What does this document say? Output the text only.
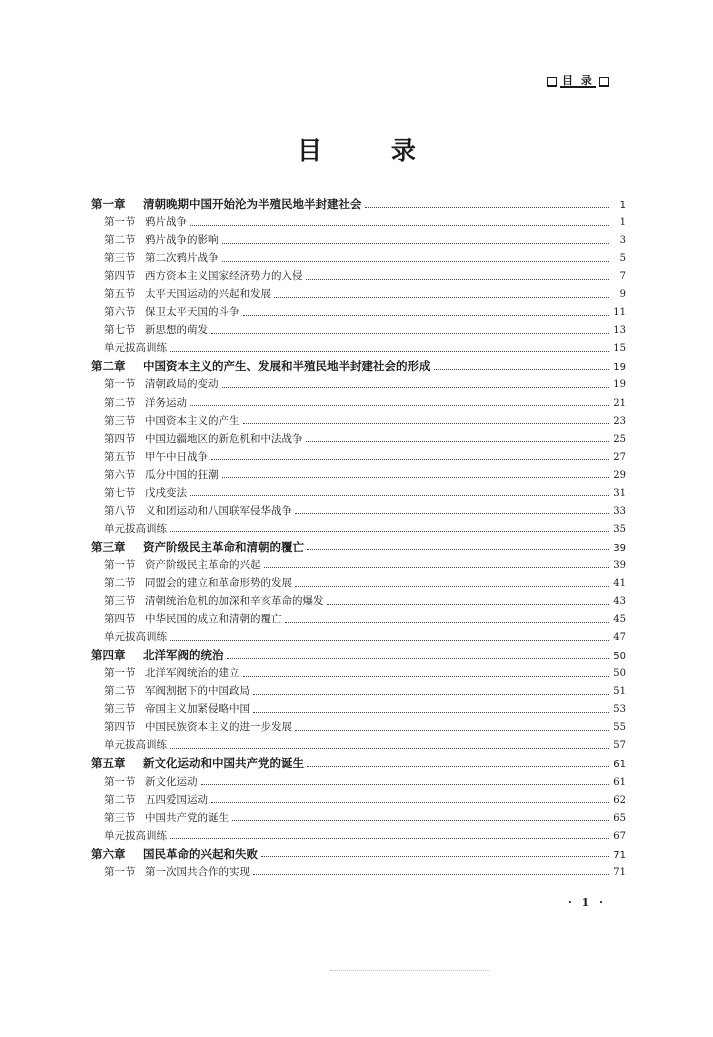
目 录
目 录
第一章	清朝晚期中国开始沦为半殖民地半封建社会	1
第一节 鸦片战争	1
第二节 鸦片战争的影响	3
第三节 第二次鸦片战争	5
第四节 西方资本主义国家经济势力的入侵	7
第五节 太平天国运动的兴起和发展	9
第六节 保卫太平天国的斗争	11
第七节 新思想的萌发	13
单元拔高训练	15
第二章	中国资本主义的产生、发展和半殖民地半封建社会的形成	19
第一节 清朝政局的变动	19
第二节 洋务运动	21
第三节 中国资本主义的产生	23
第四节 中国边疆地区的新危机和中法战争	25
第五节 甲午中日战争	27
第六节 瓜分中国的狂潮	29
第七节 戊戌变法	31
第八节 义和团运动和八国联军侵华战争	33
单元拔高训练	35
第三章	资产阶级民主革命和清朝的覆亡	39
第一节 资产阶级民主革命的兴起	39
第二节 同盟会的建立和革命形势的发展	41
第三节 清朝统治危机的加深和辛亥革命的爆发	43
第四节 中华民国的成立和清朝的覆亡	45
单元拔高训练	47
第四章	北洋军阀的统治	50
第一节 北洋军阀统治的建立	50
第二节 军阀割据下的中国政局	51
第三节 帝国主义加紧侵略中国	53
第四节 中国民族资本主义的进一步发展	55
单元拔高训练	57
第五章	新文化运动和中国共产党的诞生	61
第一节 新文化运动	61
第二节 五四爱国运动	62
第三节 中国共产党的诞生	65
单元拔高训练	67
第六章	国民革命的兴起和失败	71
第一节 第一次国共合作的实现	71
· 1 ·
